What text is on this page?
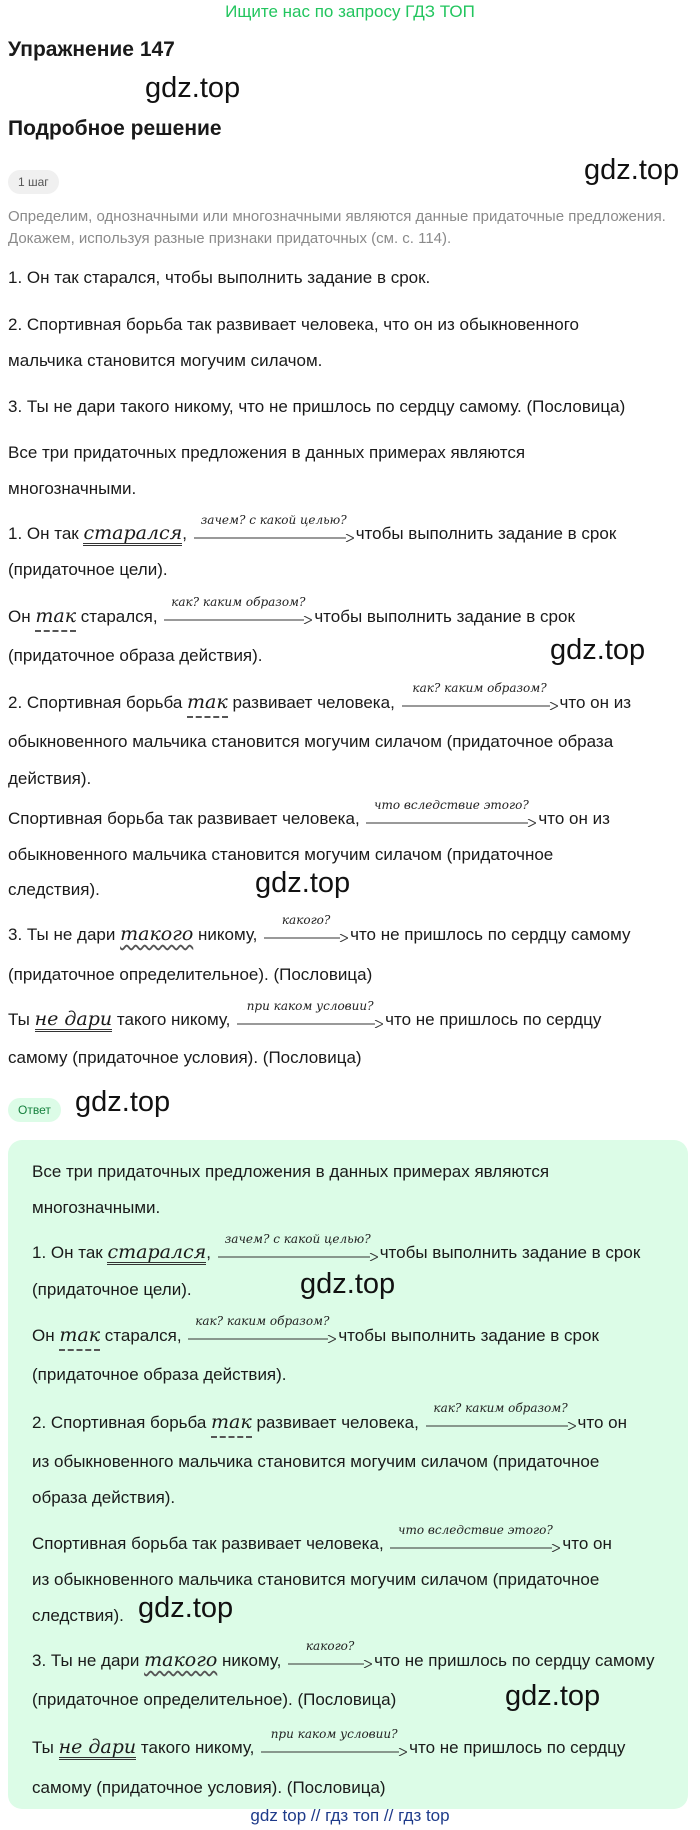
Ищите нас по запросу ГДЗ ТОП
Упражнение 147
gdz.top
Подробное решение
gdz.top
1 шаг
Определим, однозначными или многозначными являются данные придаточные предложения. Докажем, используя разные признаки придаточных (см. с. 114).
1. Он так старался, чтобы выполнить задание в срок.
2. Спортивная борьба так развивает человека, что он из обыкновенного
мальчика становится могучим силачом.
3. Ты не дари такого никому, что не пришлось по сердцу самому. (Пословица)
Все три придаточных предложения в данных примерах являются
многозначными.
1. Он так старался,
зачем? с какой целью?
чтобы выполнить задание в срок
(придаточное цели).
Он так старался,
как? каким образом?
чтобы выполнить задание в срок
(придаточное образа действия).	gdz.top
2. Спортивная борьба так развивает человека,
как? каким образом?
что он из
обыкновенного мальчика становится могучим силачом (придаточное образа
действия).
Спортивная борьба так развивает человека,
что вследствие этого?
что он из
обыкновенного мальчика становится могучим силачом (придаточное
следствия).	gdz.top
3. Ты не дари такого никому,
какого?
что не пришлось по сердцу самому
(придаточное определительное). (Пословица)
Ты не дари такого никому,
при каком условии?
что не пришлось по сердцу
самому (придаточное условия). (Пословица)
Ответ gdz.top
Все три придаточных предложения в данных примерах являются
многозначными.
1. Он так старался,
зачем? с какой целью?
чтобы выполнить задание в срок
(придаточное цели).	gdz.top
Он так старался,
как? каким образом?
чтобы выполнить задание в срок
(придаточное образа действия).
2. Спортивная борьба так развивает человека,
как? каким образом?
что он
из обыкновенного мальчика становится могучим силачом (придаточное
образа действия).
Спортивная борьба так развивает человека,
что вследствие этого?
что он
из обыкновенного мальчика становится могучим силачом (придаточное
следствия). gdz.top
3. Ты не дари такого никому,
какого?
что не пришлось по сердцу самому
(придаточное определительное). (Пословица)	gdz.top
Ты не дари такого никому,
при каком условии?
что не пришлось по сердцу
самому (придаточное условия). (Пословица)
gdz top // гдз топ // гдз top
